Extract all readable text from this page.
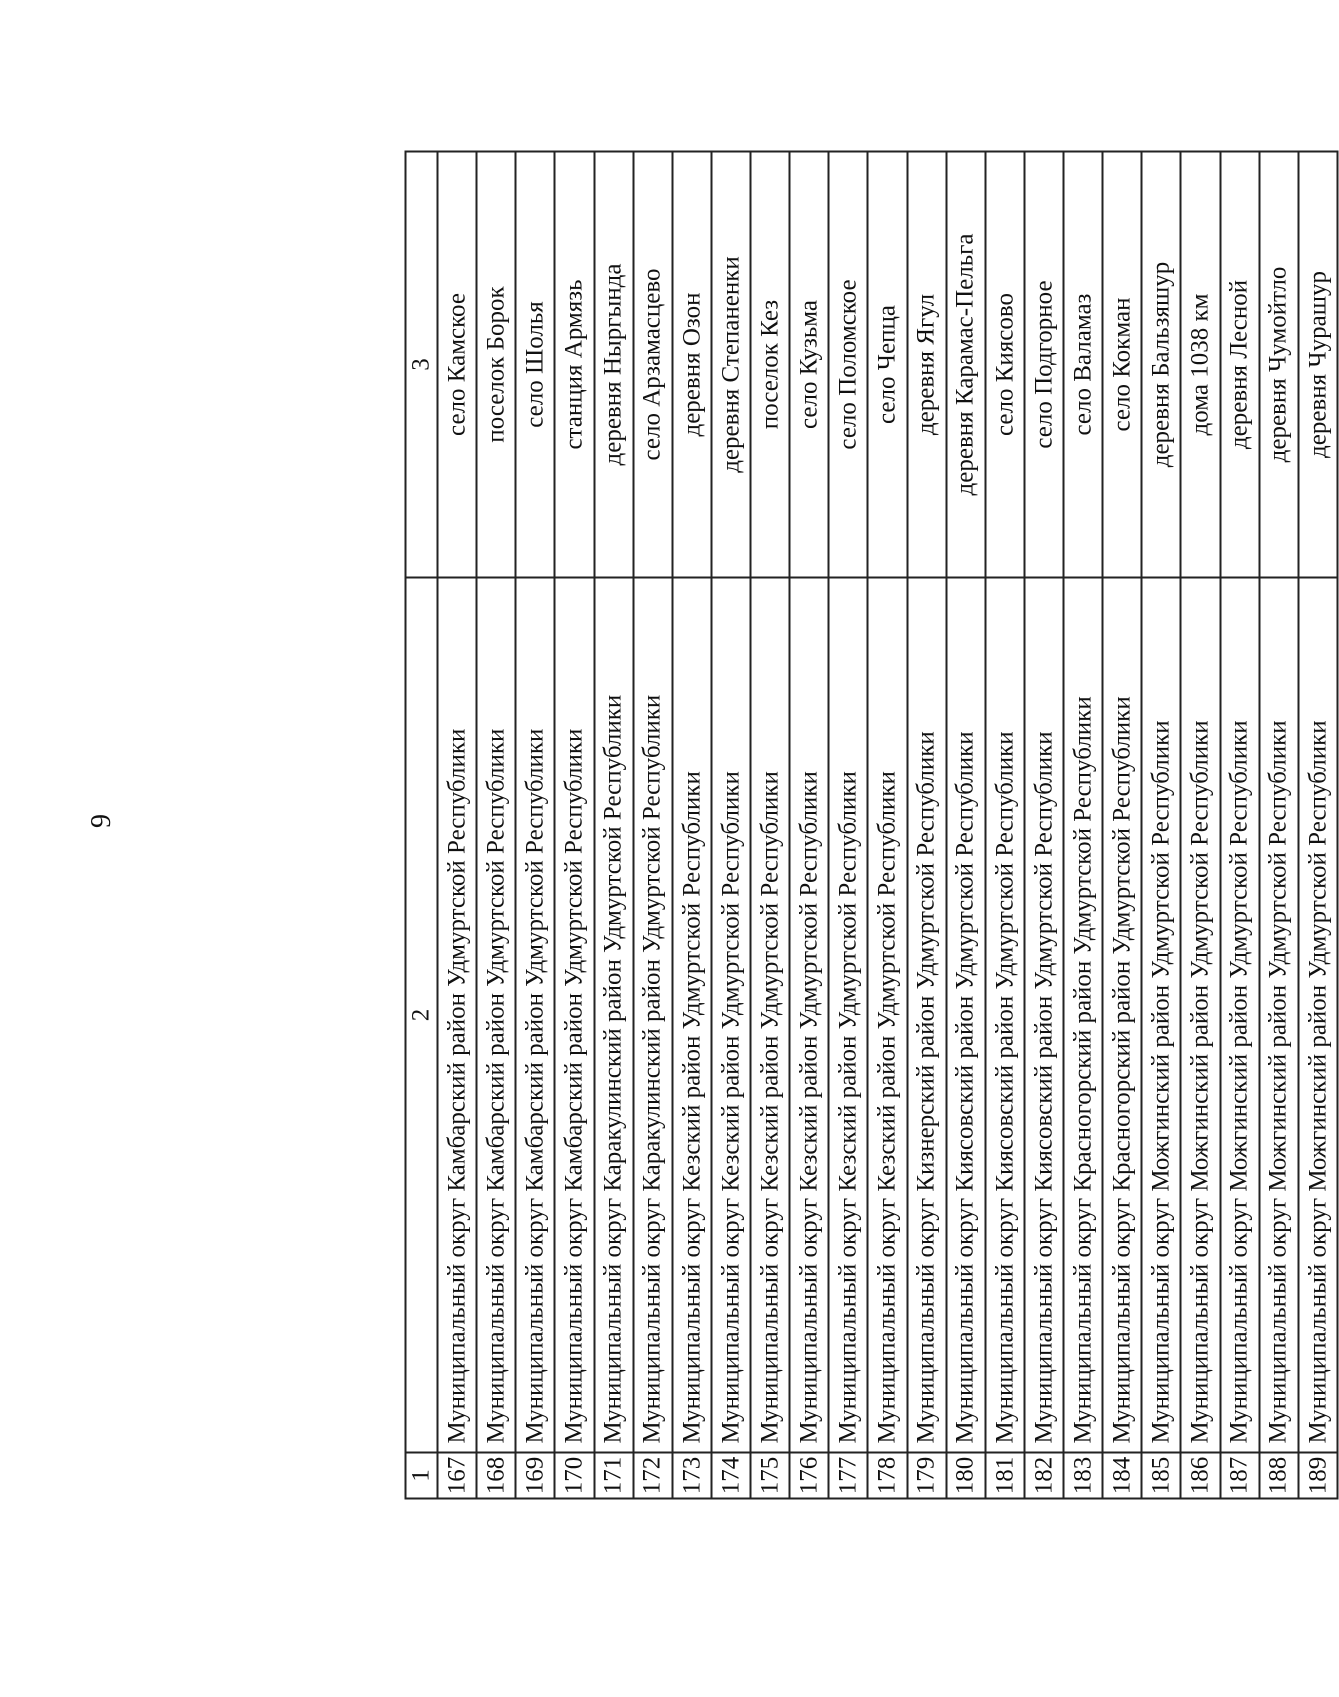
9
1	2	3
167	Муниципальный округ Камбарский район Удмуртской Республики	село Камское
168	Муниципальный округ Камбарский район Удмуртской Республики	поселок Борок
169	Муниципальный округ Камбарский район Удмуртской Республики	село Шолья
170	Муниципальный округ Камбарский район Удмуртской Республики	станция Армязь
171	Муниципальный округ Каракулинский район Удмуртской Республики	деревня Ныргында
172	Муниципальный округ Каракулинский район Удмуртской Республики	село Арзамасцево
173	Муниципальный округ Кезский район Удмуртской Республики	деревня Озон
174	Муниципальный округ Кезский район Удмуртской Республики	деревня Степаненки
175	Муниципальный округ Кезский район Удмуртской Республики	поселок Кез
176	Муниципальный округ Кезский район Удмуртской Республики	село Кузьма
177	Муниципальный округ Кезский район Удмуртской Республики	село Поломское
178	Муниципальный округ Кезский район Удмуртской Республики	село Чепца
179	Муниципальный округ Кизнерский район Удмуртской Республики	деревня Ягул
180	Муниципальный округ Киясовский район Удмуртской Республики	деревня Карамас-Пельга
181	Муниципальный округ Киясовский район Удмуртской Республики	село Киясово
182	Муниципальный округ Киясовский район Удмуртской Республики	село Подгорное
183	Муниципальный округ Красногорский район Удмуртской Республики	село Валамаз
184	Муниципальный округ Красногорский район Удмуртской Республики	село Кокман
185	Муниципальный округ Можгинский район Удмуртской Республики	деревня Бальзяшур
186	Муниципальный округ Можгинский район Удмуртской Республики	дома 1038 км
187	Муниципальный округ Можгинский район Удмуртской Республики	деревня Лесной
188	Муниципальный округ Можгинский район Удмуртской Республики	деревня Чумойтло
189	Муниципальный округ Можгинский район Удмуртской Республики	деревня Чурашур
